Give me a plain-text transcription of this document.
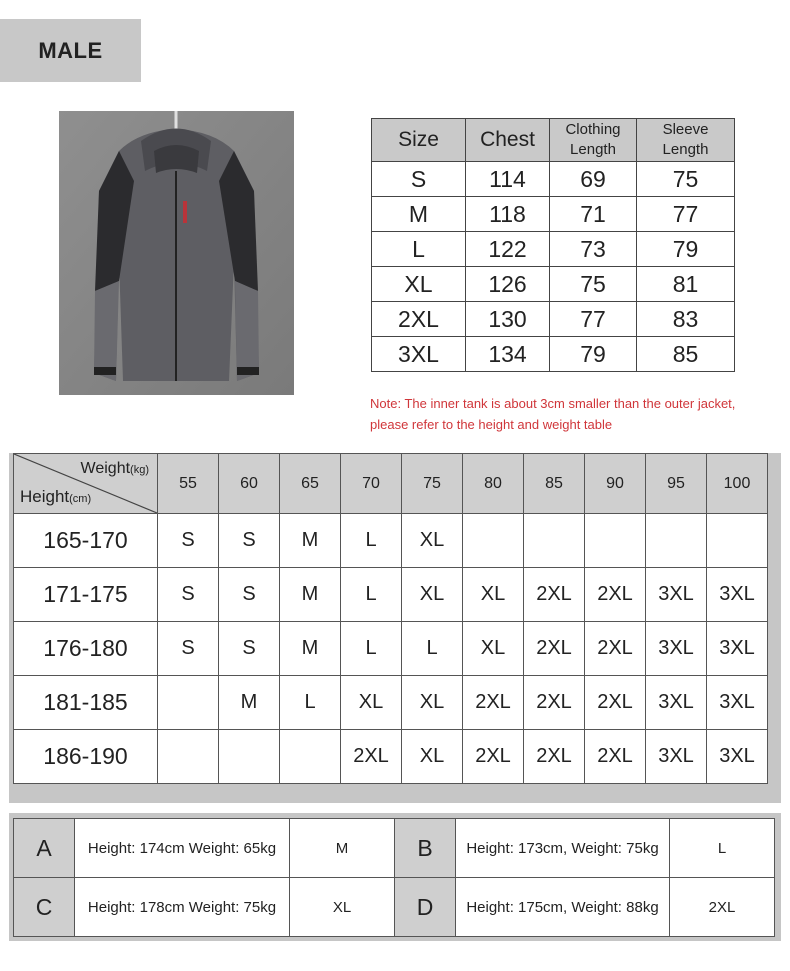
MALE
Size	Chest	Clothing Length	Sleeve Length
S	114	69	75
M	118	71	77
L	122	73	79
XL	126	75	81
2XL	130	77	83
3XL	134	79	85
Note: The inner tank is about 3cm smaller than the outer jacket,
please refer to the height and weight table
Weight(kg)
Height(cm)	55	60	65	70	75	80	85	90	95	100
165-170	S	S	M	L	XL					
171-175	S	S	M	L	XL	XL	2XL	2XL	3XL	3XL
176-180	S	S	M	L	L	XL	2XL	2XL	3XL	3XL
181-185		M	L	XL	XL	2XL	2XL	2XL	3XL	3XL
186-190				2XL	XL	2XL	2XL	2XL	3XL	3XL
A	Height: 174cm Weight: 65kg	M	B	Height: 173cm, Weight: 75kg	L
C	Height: 178cm Weight: 75kg	XL	D	Height: 175cm, Weight: 88kg	2XL
